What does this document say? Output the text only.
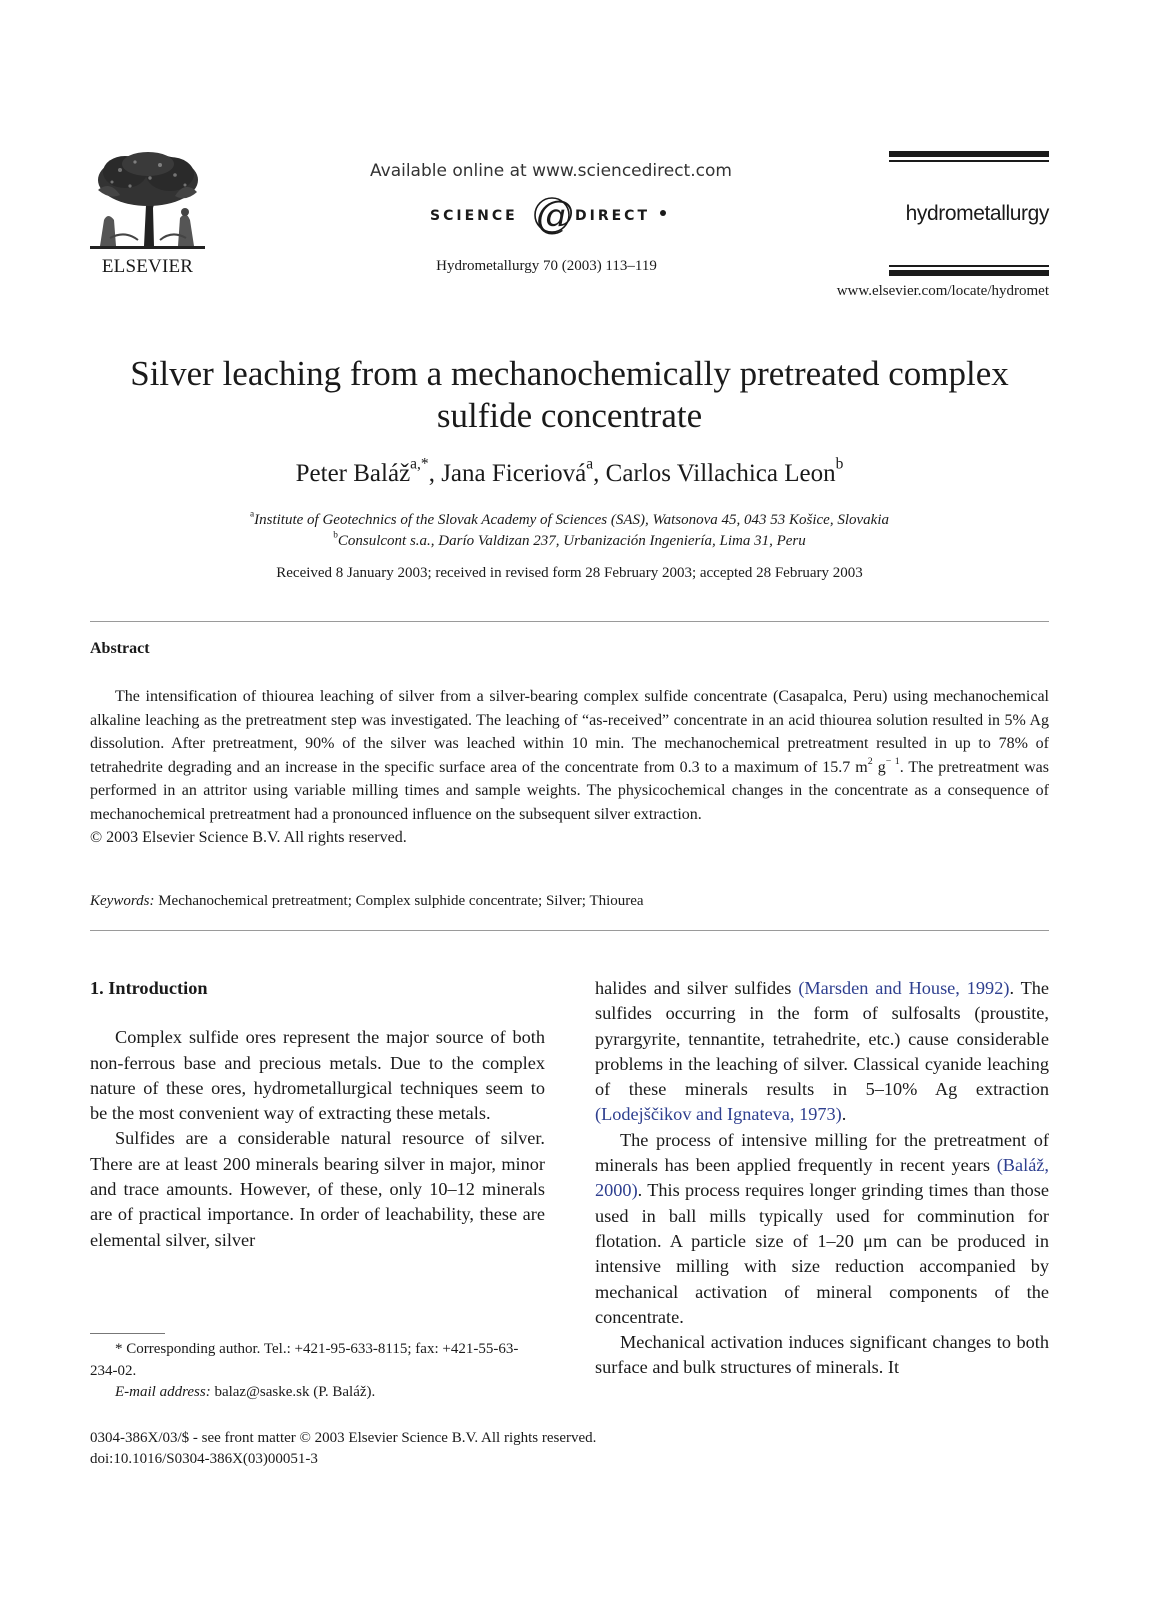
ELSEVIER
Available online at www.sciencedirect.com
SCIENCE @ DIRECT
Hydrometallurgy 70 (2003) 113–119
hydrometallurgy
www.elsevier.com/locate/hydromet
Silver leaching from a mechanochemically pretreated complex
sulfide concentrate
Peter Baláž$^{a,*}$, Jana Ficeriová$^a$, Carlos Villachica Leon$^b$
$^a$Institute of Geotechnics of the Slovak Academy of Sciences (SAS), Watsonova 45, 043 53 Košice, Slovakia
$^b$Consulcont s.a., Darío Valdizan 237, Urbanización Ingeniería, Lima 31, Peru
Received 8 January 2003; received in revised form 28 February 2003; accepted 28 February 2003
Abstract
The intensification of thiourea leaching of silver from a silver-bearing complex sulfide concentrate (Casapalca, Peru) using mechanochemical alkaline leaching as the pretreatment step was investigated. The leaching of “as-received” concentrate in an acid thiourea solution resulted in 5% Ag dissolution. After pretreatment, 90% of the silver was leached within 10 min. The mechanochemical pretreatment resulted in up to 78% of tetrahedrite degrading and an increase in the specific surface area of the concentrate from 0.3 to a maximum of 15.7 $m^2$ $g^{- 1}$. The pretreatment was performed in an attritor using variable milling times and sample weights. The physicochemical changes in the concentrate as a consequence of mechanochemical pretreatment had a pronounced influence on the subsequent silver extraction.
© 2003 Elsevier Science B.V. All rights reserved.
Keywords: Mechanochemical pretreatment; Complex sulphide concentrate; Silver; Thiourea

1. Introduction

Complex sulfide ores represent the major source of both non-ferrous base and precious metals. Due to the complex nature of these ores, hydrometallurgical techniques seem to be the most convenient way of extracting these metals.

Sulfides are a considerable natural resource of silver. There are at least 200 minerals bearing silver in major, minor and trace amounts. However, of these, only 10–12 minerals are of practical importance. In order of leachability, these are elemental silver, silver

halides and silver sulfides (Marsden and House, 1992). The sulfides occurring in the form of sulfosalts (proustite, pyrargyrite, tennantite, tetrahedrite, etc.) cause considerable problems in the leaching of silver. Classical cyanide leaching of these minerals results in 5–10% Ag extraction (Lodejščikov and Ignateva, 1973).

The process of intensive milling for the pretreatment of minerals has been applied frequently in recent years (Baláž, 2000). This process requires longer grinding times than those used in ball mills typically used for comminution for flotation. A particle size of 1–20 μm can be produced in intensive milling with size reduction accompanied by mechanical activation of mineral components of the concentrate.

Mechanical activation induces significant changes to both surface and bulk structures of minerals. It

* Corresponding author. Tel.: +421-95-633-8115; fax: +421-55-63-234-02.
E-mail address: balaz@saske.sk (P. Baláž).
0304-386X/03/$ - see front matter © 2003 Elsevier Science B.V. All rights reserved.
doi:10.1016/S0304-386X(03)00051-3
